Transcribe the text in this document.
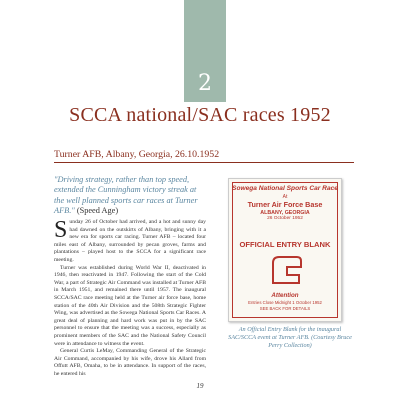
2
SCCA national/SAC races 1952
Turner AFB, Albany, Georgia, 26.10.1952
"Driving strategy, rather than top speed, extended the Cunningham victory streak at the well planned sports car races at Turner AFB." (Speed Age)

Sunday 26 of October had arrived, and a hot and sunny day had dawned on the outskirts of Albany, bringing with it a new era for sports car racing. Turner AFB – located four miles east of Albany, surrounded by pecan groves, farms and plantations – played host to the SCCA for a significant race meeting.

Turner was established during World War II, deactivated in 1946, then reactivated in 1947. Following the start of the Cold War, a part of Strategic Air Command was installed at Turner AFB in March 1951, and remained there until 1957. The inaugural SCCA/SAC race meeting held at the Turner air force base, home station of the 40th Air Division and the 508th Strategic Fighter Wing, was advertised as the Sowega National Sports Car Races. A great deal of planning and hard work was put in by the SAC personnel to ensure that the meeting was a success, especially as prominent members of the SAC and the National Safety Council were in attendance to witness the event.

General Curtis LeMay, Commanding General of the Strategic Air Command, accompanied by his wife, drove his Allard from Offutt AFB, Omaha, to be in attendance. In support of the races, he entered his

Sowega National Sports Car Race
At
Turner Air Force Base
ALBANY, GEORGIA
26 October 1952
OFFICIAL ENTRY BLANK
Attention
Entries Close Midnight 1 October 1952
SEE BACK FOR DETAILS
An Official Entry Blank for the inaugural SAC/SCCA event at Turner AFB. (Courtesy Bruce Perry Collection)
19
